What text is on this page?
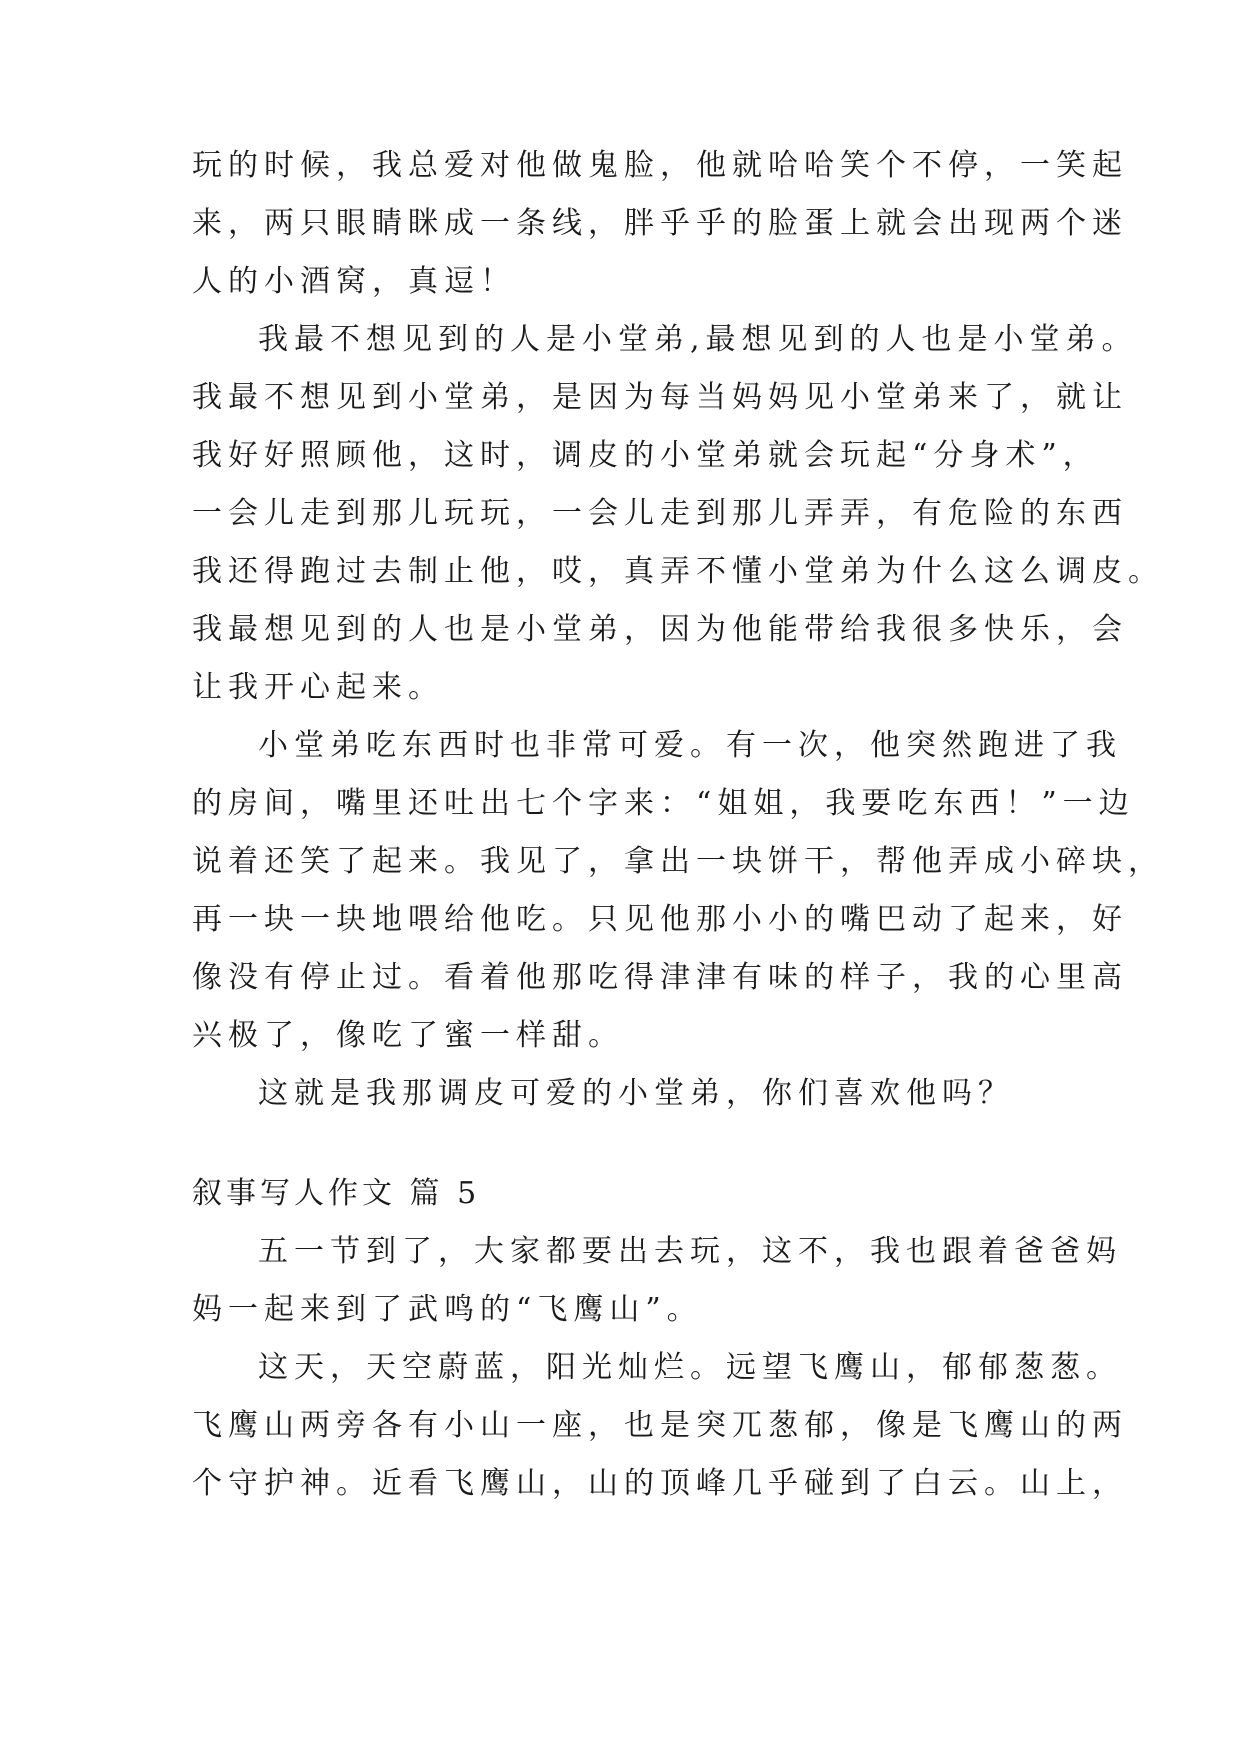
玩的时候，我总爱对他做鬼脸，他就哈哈笑个不停，一笑起
来，两只眼睛眯成一条线，胖乎乎的脸蛋上就会出现两个迷
人的小酒窝，真逗！
我最不想见到的人是小堂弟,最想见到的人也是小堂弟。
我最不想见到小堂弟，是因为每当妈妈见小堂弟来了，就让
我好好照顾他，这时，调皮的小堂弟就会玩起“分身术”，
一会儿走到那儿玩玩，一会儿走到那儿弄弄，有危险的东西
我还得跑过去制止他，哎，真弄不懂小堂弟为什么这么调皮。
我最想见到的人也是小堂弟，因为他能带给我很多快乐，会
让我开心起来。
小堂弟吃东西时也非常可爱。有一次，他突然跑进了我
的房间，嘴里还吐出七个字来：“姐姐，我要吃东西！”一边
说着还笑了起来。我见了，拿出一块饼干，帮他弄成小碎块，
再一块一块地喂给他吃。只见他那小小的嘴巴动了起来，好
像没有停止过。看着他那吃得津津有味的样子，我的心里高
兴极了，像吃了蜜一样甜。
这就是我那调皮可爱的小堂弟，你们喜欢他吗？
叙事写人作文 篇 5
五一节到了，大家都要出去玩，这不，我也跟着爸爸妈
妈一起来到了武鸣的“飞鹰山”。
这天，天空蔚蓝，阳光灿烂。远望飞鹰山，郁郁葱葱。
飞鹰山两旁各有小山一座，也是突兀葱郁，像是飞鹰山的两
个守护神。近看飞鹰山，山的顶峰几乎碰到了白云。山上，
